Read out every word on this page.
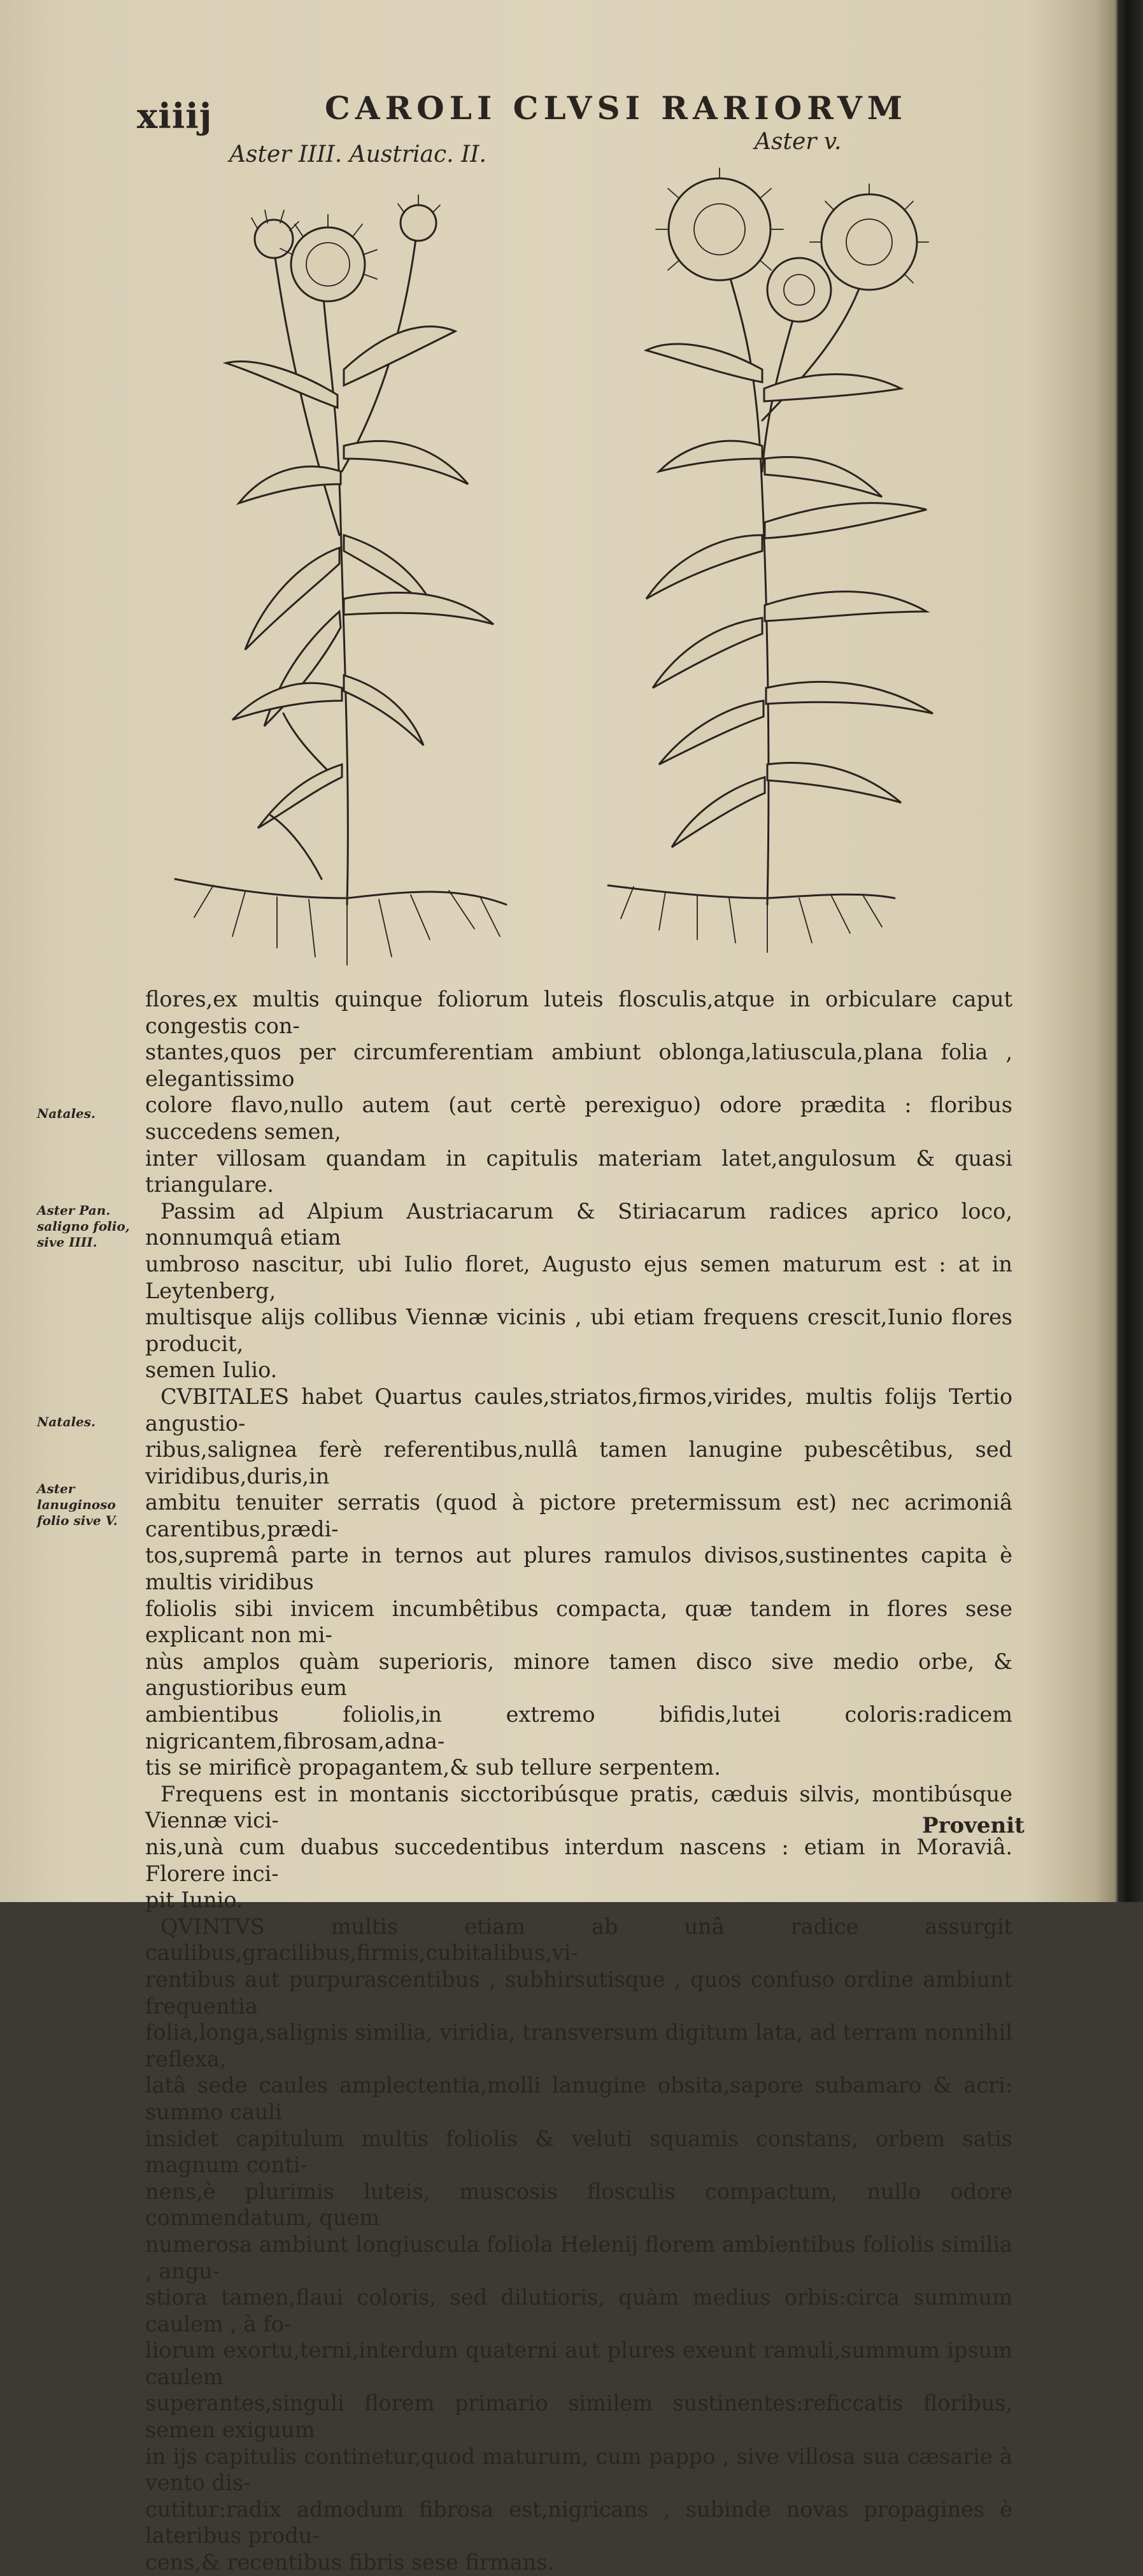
xiiij	CAROLI CLVSI RARIORVM
Aster IIII. Austriac. II.	Aster v.
Natales.
Aster Pan. saligno folio, sive IIII.
Natales.
Aster lanuginoso folio sive V.

flores,ex multis quinque foliorum luteis flosculis,atque in orbiculare caput congestis con-

stantes,quos per circumferentiam ambiunt oblonga,latiuscula,plana folia , elegantissimo

colore flavo,nullo autem (aut certè perexiguo) odore prædita : floribus succedens semen,

inter villosam quandam in capitulis materiam latet,angulosum & quasi triangulare.

Passim ad Alpium Austriacarum & Stiriacarum radices aprico loco, nonnumquâ etiam

umbroso nascitur, ubi Iulio floret, Augusto ejus semen maturum est : at in Leytenberg,

multisque alijs collibus Viennæ vicinis , ubi etiam frequens crescit,Iunio flores producit,

semen Iulio.

CVBITALES habet Quartus caules,striatos,firmos,virides, multis folijs Tertio angustio-

ribus,salignea ferè referentibus,nullâ tamen lanugine pubescêtibus, sed viridibus,duris,in

ambitu tenuiter serratis (quod à pictore pretermissum est) nec acrimoniâ carentibus,prædi-

tos,supremâ parte in ternos aut plures ramulos divisos,sustinentes capita è multis viridibus

foliolis sibi invicem incumbêtibus compacta, quæ tandem in flores sese explicant non mi-

nùs amplos quàm superioris, minore tamen disco sive medio orbe, & angustioribus eum

ambientibus foliolis,in extremo bifidis,lutei coloris:radicem nigricantem,fibrosam,adna-

tis se mirificè propagantem,& sub tellure serpentem.

Frequens est in montanis sicctoribúsque pratis, cæduis silvis, montibúsque Viennæ vici-

nis,unà cum duabus succedentibus interdum nascens : etiam in Moraviâ. Florere inci-

pit Iunio.

QVINTVS multis etiam ab unâ radice assurgit caulibus,gracilibus,firmis,cubitalibus,vi-

rentibus aut purpurascentibus , subhirsutisque , quos confuso ordine ambiunt frequentia

folia,longa,salignis similia, viridia, transversum digitum lata, ad terram nonnihil reflexa,

latâ sede caules amplectentia,molli lanugine obsita,sapore subamaro & acri: summo cauli

insidet capitulum multis foliolis & veluti squamis constans, orbem satis magnum conti-

nens,è plurimis luteis, muscosis flosculis compactum, nullo odore commendatum, quem

numerosa ambiunt longiuscula foliola Helenij florem ambientibus foliolis similia , angu-

stiora tamen,flaui coloris, sed dilutioris, quàm medius orbis:circa summum caulem , à fo-

liorum exortu,terni,interdum quaterni aut plures exeunt ramuli,summum ipsum caulem

superantes,singuli florem primario similem sustinentes:reficcatis floribus, semen exiguum

in ijs capitulis continetur,quod maturum, cum pappo , sive villosa sua cæsarie à vento dis-

cutitur:radix admodum fibrosa est,nigricans , subinde novas propagines è lateribus produ-

cens,& recentibus fibris sese firmans.

Provenit
